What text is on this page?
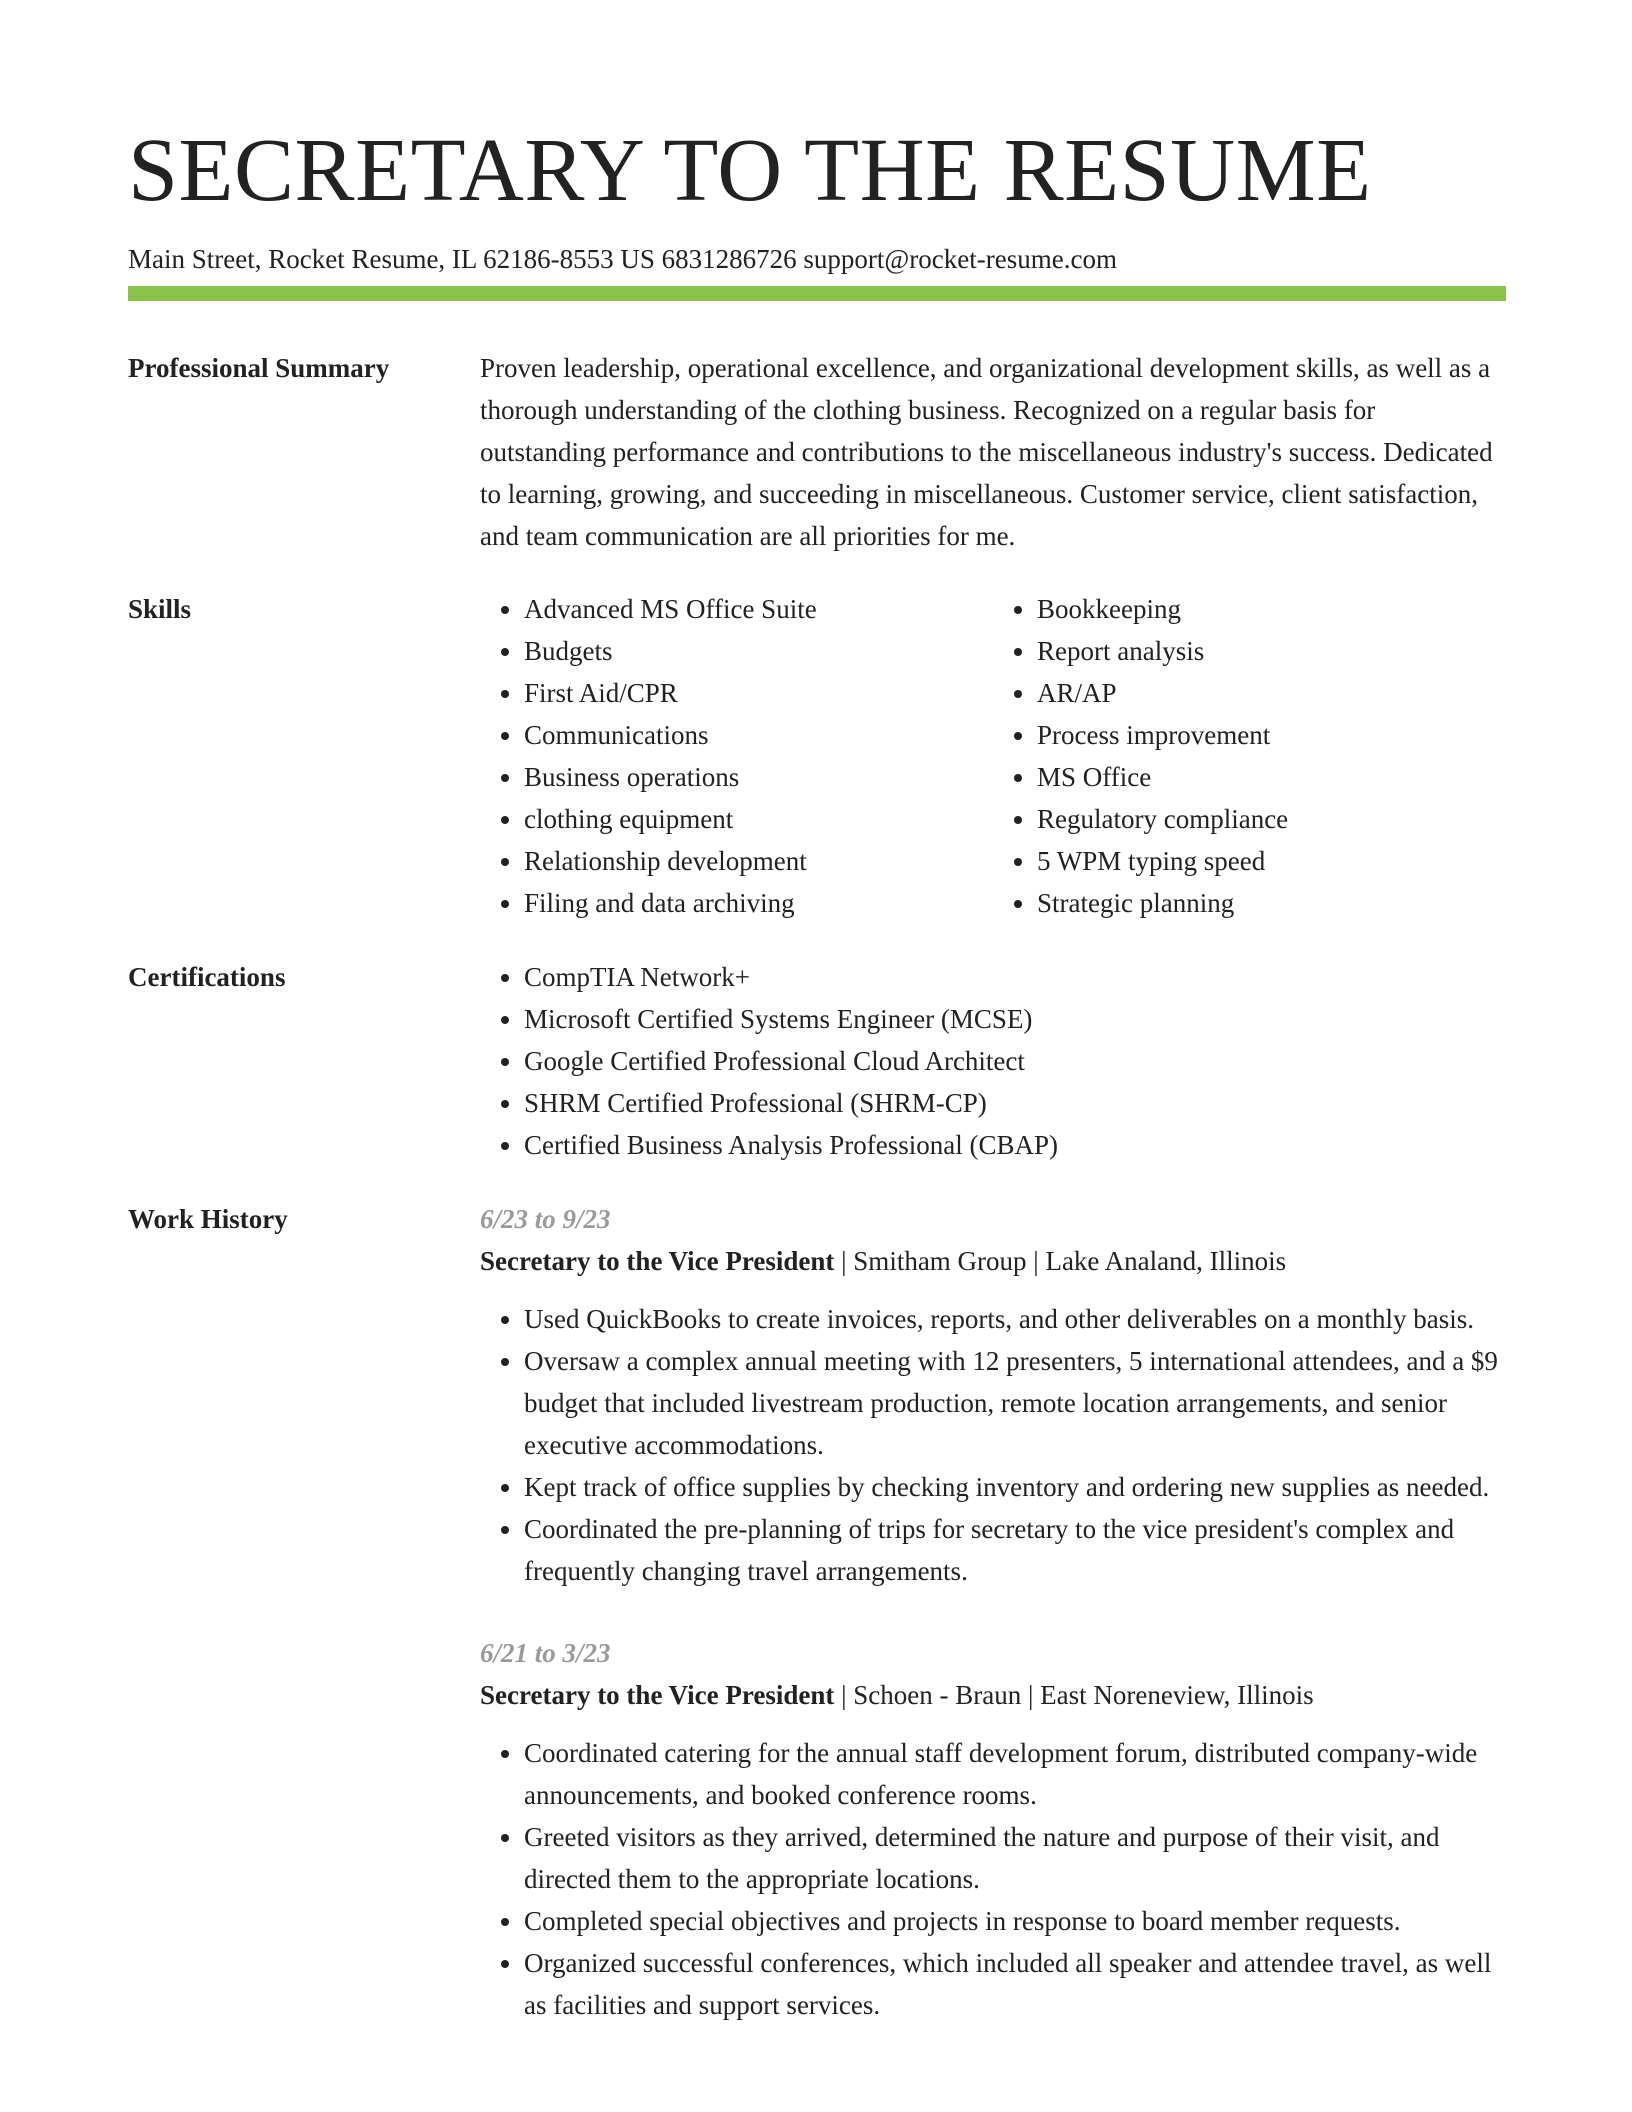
SECRETARY TO THE RESUME
Main Street, Rocket Resume, IL 62186-8553 US 6831286726 support@rocket-resume.com
Professional Summary	Proven leadership, operational excellence, and organizational development skills, as well as a thorough understanding of the clothing business. Recognized on a regular basis for outstanding performance and contributions to the miscellaneous industry's success. Dedicated to learning, growing, and succeeding in miscellaneous. Customer service, client satisfaction, and team communication are all priorities for me.

Skills	• Advanced MS Office Suite
• Budgets
• First Aid/CPR
• Communications
• Business operations
• clothing equipment
• Relationship development
• Filing and data archiving
• Bookkeeping
• Report analysis
• AR/AP
• Process improvement
• MS Office
• Regulatory compliance
• 5 WPM typing speed
• Strategic planning
Certifications	• CompTIA Network+
• Microsoft Certified Systems Engineer (MCSE)
• Google Certified Professional Cloud Architect
• SHRM Certified Professional (SHRM-CP)
• Certified Business Analysis Professional (CBAP)
Work History	6/23 to 9/23

Secretary to the Vice President | Smitham Group | Lake Analand, Illinois

• Used QuickBooks to create invoices, reports, and other deliverables on a monthly basis.
• Oversaw a complex annual meeting with 12 presenters, 5 international attendees, and a $9 budget that included livestream production, remote location arrangements, and senior executive accommodations.
• Kept track of office supplies by checking inventory and ordering new supplies as needed.
• Coordinated the pre-planning of trips for secretary to the vice president's complex and frequently changing travel arrangements.
6/21 to 3/23

Secretary to the Vice President | Schoen - Braun | East Noreneview, Illinois

• Coordinated catering for the annual staff development forum, distributed company-wide announcements, and booked conference rooms.
• Greeted visitors as they arrived, determined the nature and purpose of their visit, and directed them to the appropriate locations.
• Completed special objectives and projects in response to board member requests.
• Organized successful conferences, which included all speaker and attendee travel, as well as facilities and support services.
